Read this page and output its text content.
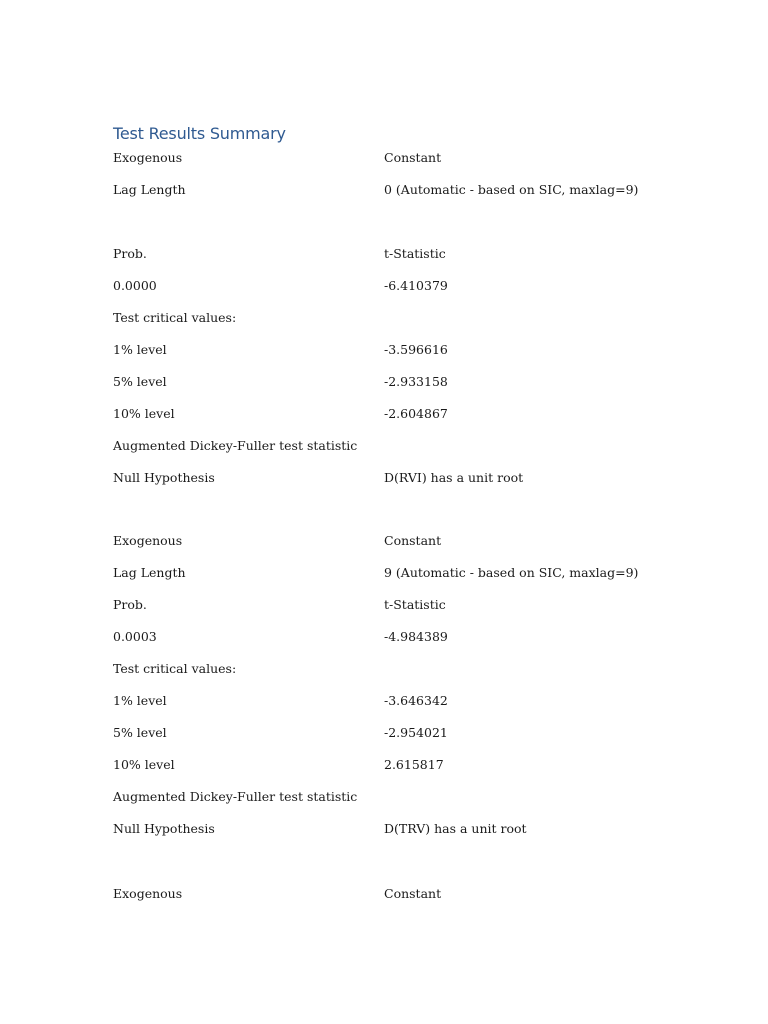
Test Results Summary
Exogenous	Constant
Lag Length	0 (Automatic - based on SIC, maxlag=9)
Prob.	t-Statistic
0.0000	-6.410379
Test critical values:
1% level	-3.596616
5% level	-2.933158
10% level	-2.604867
Augmented Dickey-Fuller test statistic
Null Hypothesis	D(RVI) has a unit root
Exogenous	Constant
Lag Length	9 (Automatic - based on SIC, maxlag=9)
Prob.	t-Statistic
0.0003	-4.984389
Test critical values:
1% level	-3.646342
5% level	-2.954021
10% level	2.615817
Augmented Dickey-Fuller test statistic
Null Hypothesis	D(TRV) has a unit root
Exogenous	Constant
